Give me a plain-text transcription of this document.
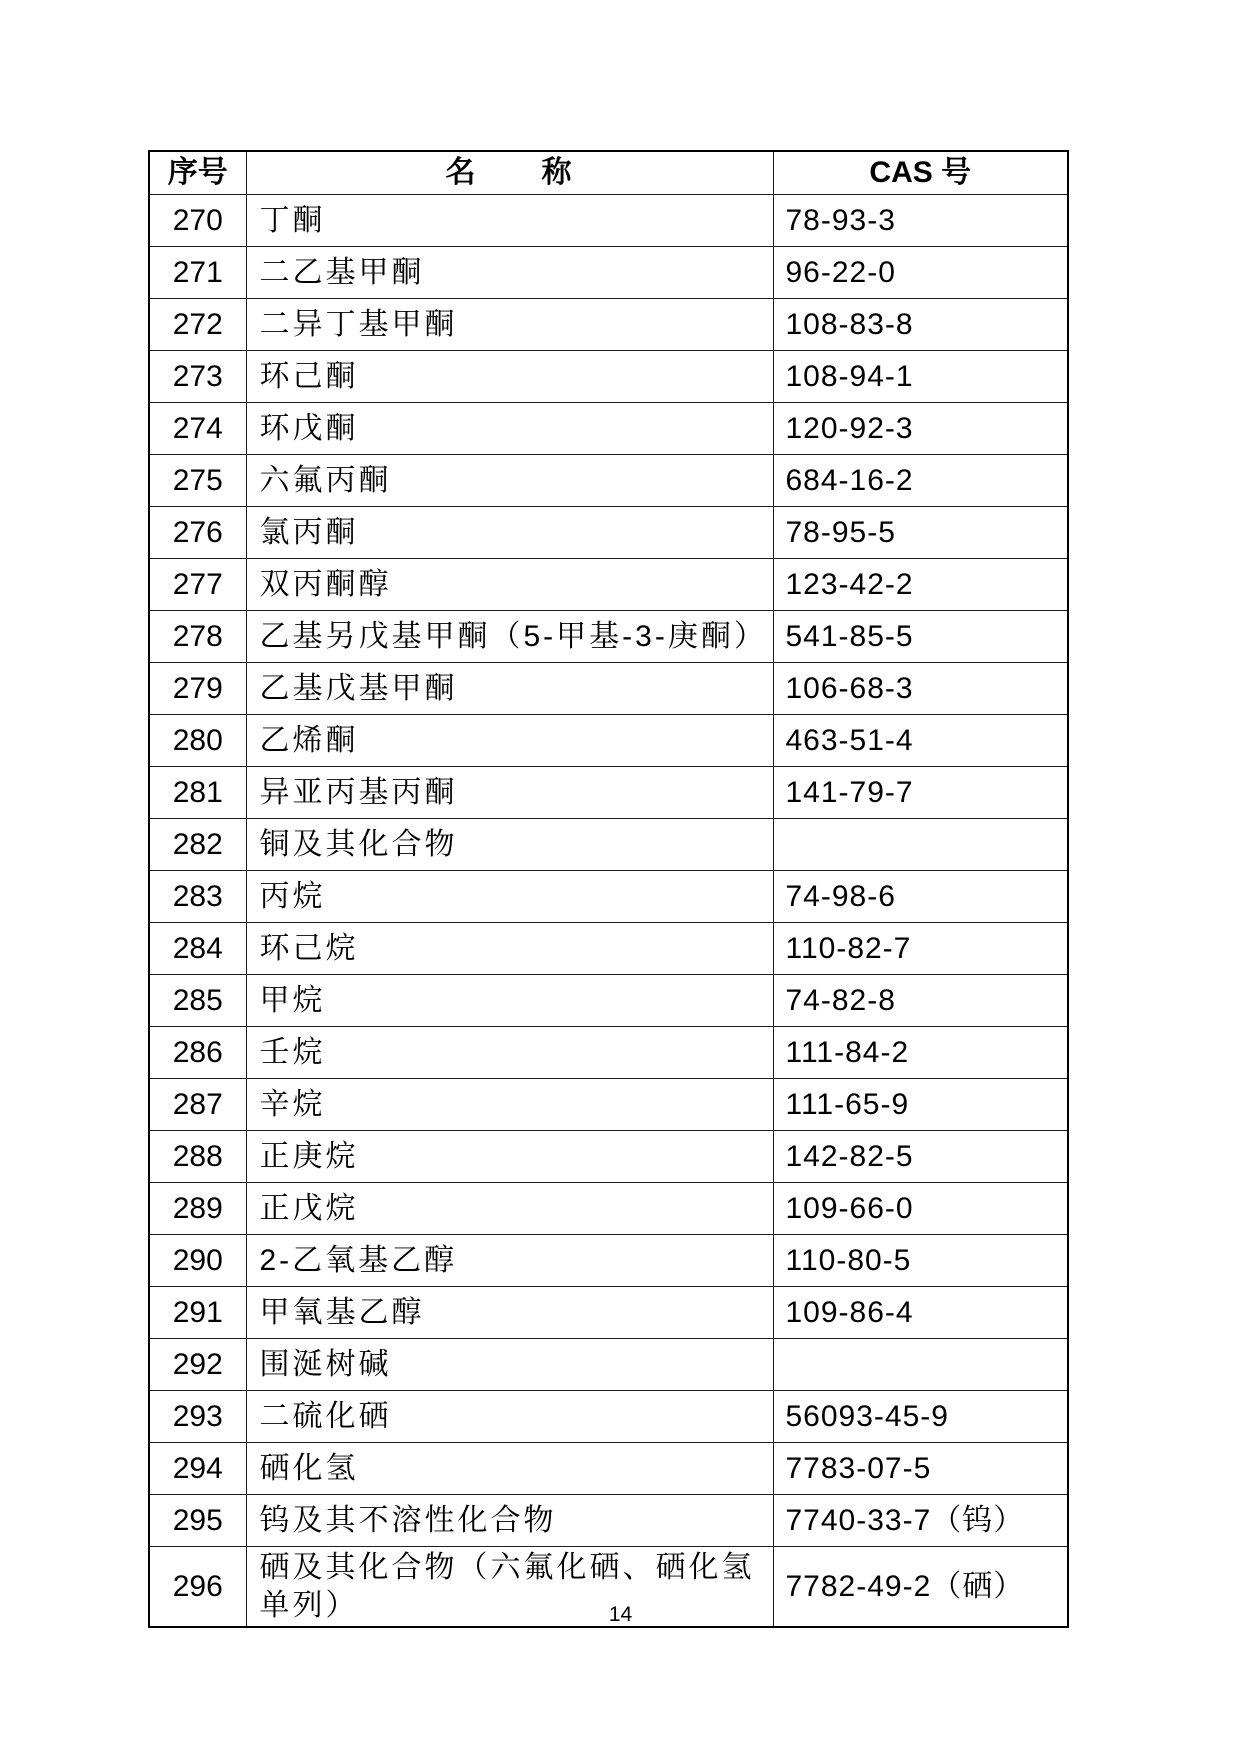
序号	名　　称	CAS 号
270	丁酮	78-93-3
271	二乙基甲酮	96-22-0
272	二异丁基甲酮	108-83-8
273	环己酮	108-94-1
274	环戊酮	120-92-3
275	六氟丙酮	684-16-2
276	氯丙酮	78-95-5
277	双丙酮醇	123-42-2
278	乙基另戊基甲酮（5-甲基-3-庚酮）	541-85-5
279	乙基戊基甲酮	106-68-3
280	乙烯酮	463-51-4
281	异亚丙基丙酮	141-79-7
282	铜及其化合物	
283	丙烷	74-98-6
284	环己烷	110-82-7
285	甲烷	74-82-8
286	壬烷	111-84-2
287	辛烷	111-65-9
288	正庚烷	142-82-5
289	正戊烷	109-66-0
290	2-乙氧基乙醇	110-80-5
291	甲氧基乙醇	109-86-4
292	围涎树碱	
293	二硫化硒	56093-45-9
294	硒化氢	7783-07-5
295	钨及其不溶性化合物	7740-33-7（钨）
296	硒及其化合物（六氟化硒、硒化氢单列）	7782-49-2（硒）
14
